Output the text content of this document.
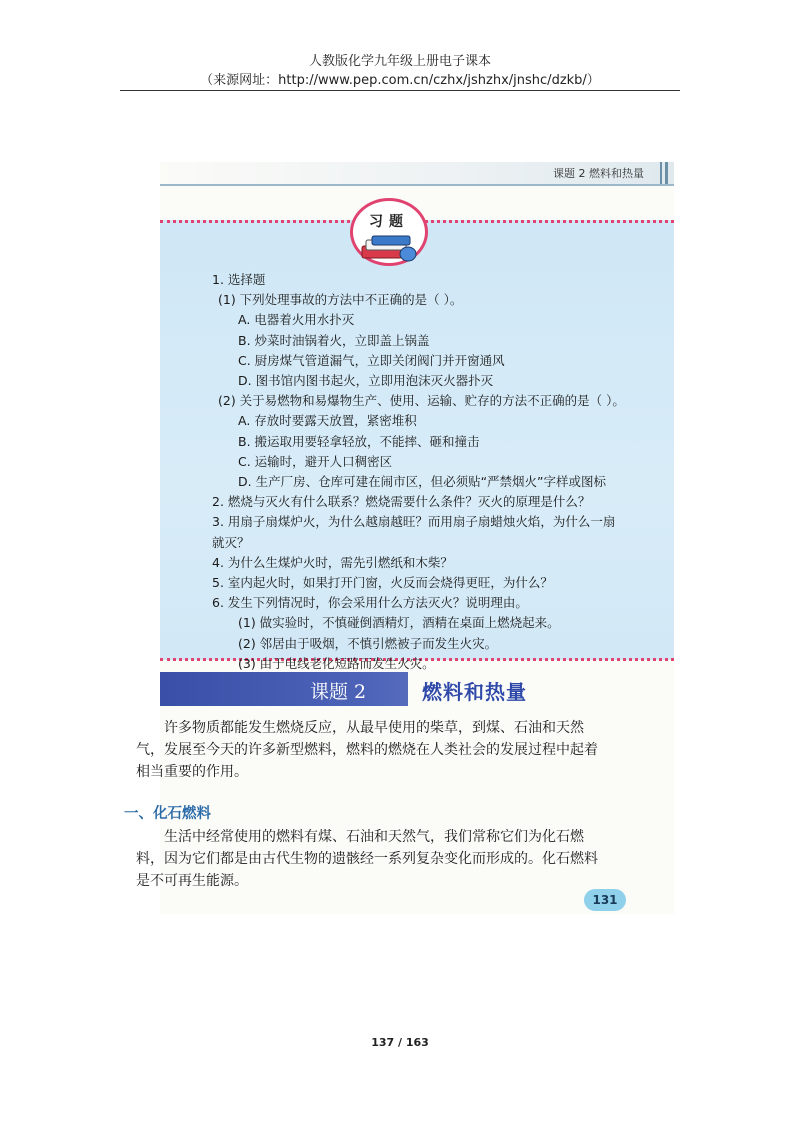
人教版化学九年级上册电子课本
（来源网址：http://www.pep.com.cn/czhx/jshzhx/jnshc/dzkb/）
课题 2 燃料和热量
习题
1. 选择题
(1) 下列处理事故的方法中不正确的是（ ）。
A. 电器着火用水扑灭
B. 炒菜时油锅着火，立即盖上锅盖
C. 厨房煤气管道漏气，立即关闭阀门并开窗通风
D. 图书馆内图书起火，立即用泡沫灭火器扑灭
(2) 关于易燃物和易爆物生产、使用、运输、贮存的方法不正确的是（ ）。
A. 存放时要露天放置，紧密堆积
B. 搬运取用要轻拿轻放，不能摔、砸和撞击
C. 运输时，避开人口稠密区
D. 生产厂房、仓库可建在闹市区，但必须贴“严禁烟火”字样或图标
2. 燃烧与灭火有什么联系？燃烧需要什么条件？灭火的原理是什么？
3. 用扇子扇煤炉火，为什么越扇越旺？而用扇子扇蜡烛火焰，为什么一扇
就灭？
4. 为什么生煤炉火时，需先引燃纸和木柴？
5. 室内起火时，如果打开门窗，火反而会烧得更旺，为什么？
6. 发生下列情况时，你会采用什么方法灭火？说明理由。
(1) 做实验时，不慎碰倒酒精灯，酒精在桌面上燃烧起来。
(2) 邻居由于吸烟，不慎引燃被子而发生火灾。
(3) 由于电线老化短路而发生火灾。
课题 2	燃料和热量

许多物质都能发生燃烧反应，从最早使用的柴草，到煤、石油和天然气，发展至今天的许多新型燃料，燃料的燃烧在人类社会的发展过程中起着相当重要的作用。

一、化石燃料

生活中经常使用的燃料有煤、石油和天然气，我们常称它们为化石燃料，因为它们都是由古代生物的遗骸经一系列复杂变化而形成的。化石燃料是不可再生能源。

131
137 / 163
